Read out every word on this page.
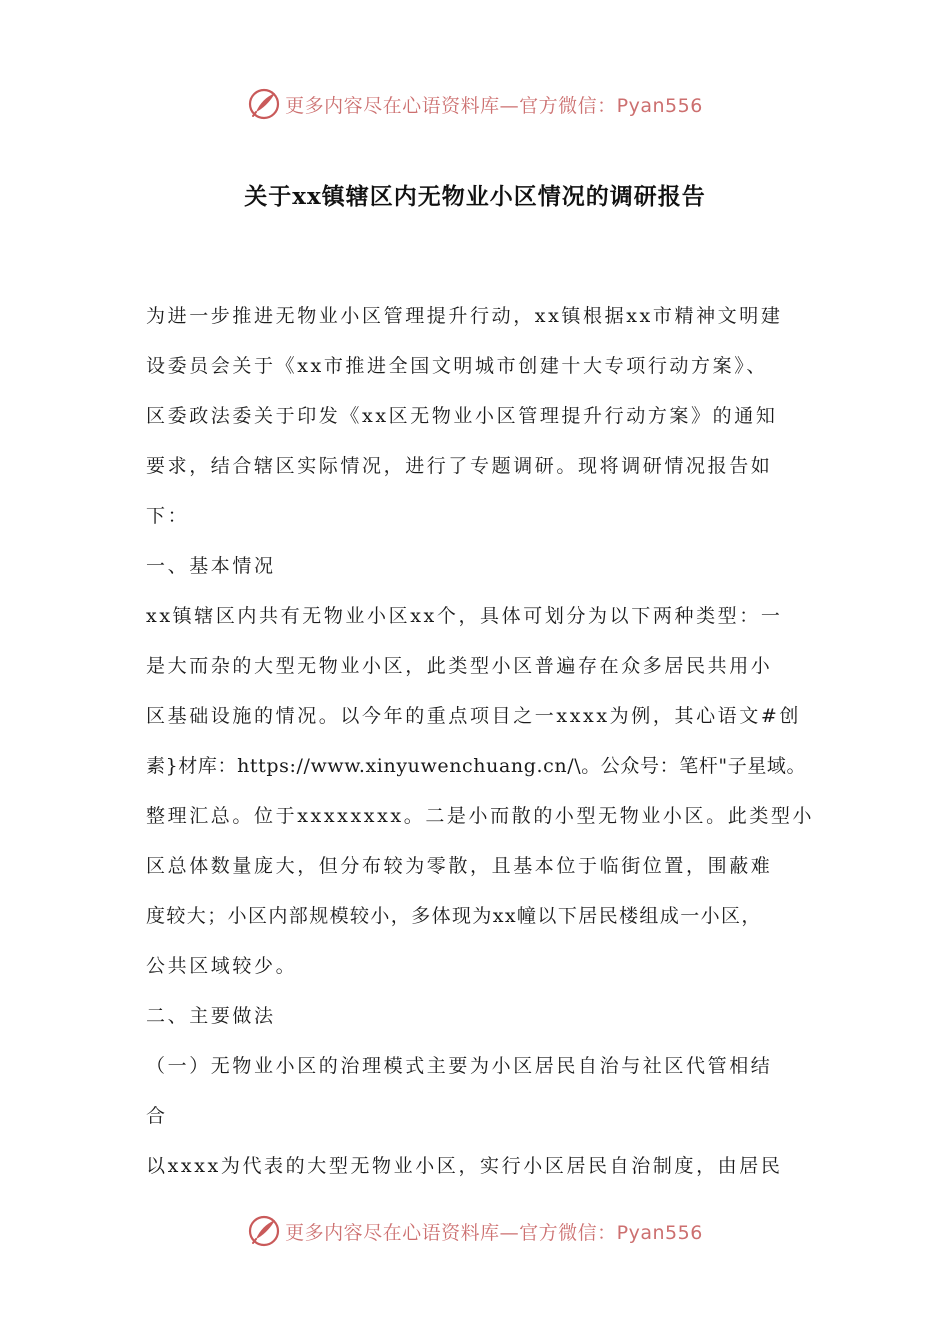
更多内容尽在心语资料库—官方微信：Pyan556
关于xx镇辖区内无物业小区情况的调研报告
为进一步推进无物业小区管理提升行动，xx镇根据xx市精神文明建
设委员会关于《xx市推进全国文明城市创建十大专项行动方案》、
区委政法委关于印发《xx区无物业小区管理提升行动方案》的通知
要求，结合辖区实际情况，进行了专题调研。现将调研情况报告如
下：
一、基本情况
xx镇辖区内共有无物业小区xx个，具体可划分为以下两种类型：一
是大而杂的大型无物业小区，此类型小区普遍存在众多居民共用小
区基础设施的情况。以今年的重点项目之一xxxx为例，其心语文#创
素}材库：https://www.xinyuwenchuang.cn/\。公众号：笔杆"子星域。
整理汇总。位于xxxxxxxx。二是小而散的小型无物业小区。此类型小
区总体数量庞大，但分布较为零散，且基本位于临街位置，围蔽难
度较大；小区内部规模较小，多体现为xx幢以下居民楼组成一小区，
公共区域较少。
二、主要做法
（一）无物业小区的治理模式主要为小区居民自治与社区代管相结
合
以xxxx为代表的大型无物业小区，实行小区居民自治制度，由居民
更多内容尽在心语资料库—官方微信：Pyan556
